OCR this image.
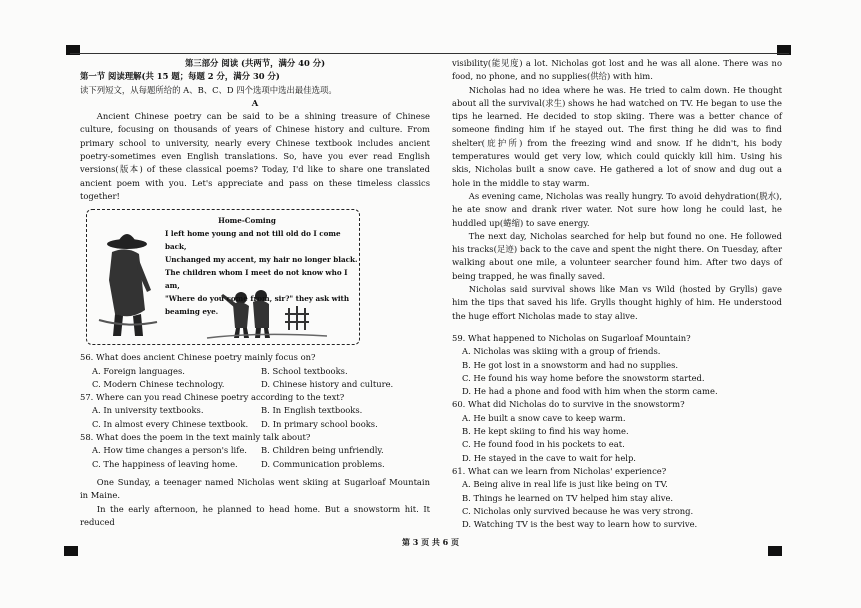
第三部分 阅读 (共两节，满分 40 分)

第一节 阅读理解(共 15 题；每题 2 分，满分 30 分)

读下列短文，从每题所给的 A、B、C、D 四个选项中选出最佳选项。

A

Ancient Chinese poetry can be said to be a shining treasure of Chinese culture, focusing on thousands of years of Chinese history and culture. From primary school to university, nearly every Chinese textbook includes ancient poetry-sometimes even English translations. So, have you ever read English versions(版本) of these classical poems? Today, I'd like to share one translated ancient poem with you. Let's appreciate and pass on these timeless classics together!

Home-Coming
I left home young and not till old do I come back,
Unchanged my accent, my hair no longer black.
The children whom I meet do not know who I am,
"Where do you come from, sir?" they ask with beaming eye.

56. What does ancient Chinese poetry mainly focus on?

A. Foreign languages.	B. School textbooks.

C. Modern Chinese technology.	D. Chinese history and culture.

57. Where can you read Chinese poetry according to the text?

A. In university textbooks.	B. In English textbooks.

C. In almost every Chinese textbook.	D. In primary school books.

58. What does the poem in the text mainly talk about?

A. How time changes a person's life.	B. Children being unfriendly.

C. The happiness of leaving home.	D. Communication problems.

One Sunday, a teenager named Nicholas went skiing at Sugarloaf Mountain in Maine.

In the early afternoon, he planned to head home. But a snowstorm hit. It reduced

visibility(能见度) a lot. Nicholas got lost and he was all alone. There was no food, no phone, and no supplies(供给) with him.

Nicholas had no idea where he was. He tried to calm down. He thought about all the survival(求生) shows he had watched on TV. He began to use the tips he learned. He decided to stop skiing. There was a better chance of someone finding him if he stayed out. The first thing he did was to find shelter(庇护所) from the freezing wind and snow. If he didn't, his body temperatures would get very low, which could quickly kill him. Using his skis, Nicholas built a snow cave. He gathered a lot of snow and dug out a hole in the middle to stay warm.

As evening came, Nicholas was really hungry. To avoid dehydration(脱水), he ate snow and drank river water. Not sure how long he could last, he huddled up(蜷缩) to save energy.

The next day, Nicholas searched for help but found no one. He followed his tracks(足迹) back to the cave and spent the night there. On Tuesday, after walking about one mile, a volunteer searcher found him. After two days of being trapped, he was finally saved.

Nicholas said survival shows like Man vs Wild (hosted by Grylls) gave him the tips that saved his life. Grylls thought highly of him. He understood the huge effort Nicholas made to stay alive.

59. What happened to Nicholas on Sugarloaf Mountain?

A. Nicholas was skiing with a group of friends.

B. He got lost in a snowstorm and had no supplies.

C. He found his way home before the snowstorm started.

D. He had a phone and food with him when the storm came.

60. What did Nicholas do to survive in the snowstorm?

A. He built a snow cave to keep warm.

B. He kept skiing to find his way home.

C. He found food in his pockets to eat.

D. He stayed in the cave to wait for help.

61. What can we learn from Nicholas' experience?

A. Being alive in real life is just like being on TV.

B. Things he learned on TV helped him stay alive.

C. Nicholas only survived because he was very strong.

D. Watching TV is the best way to learn how to survive.

第 3 页 共 6 页
